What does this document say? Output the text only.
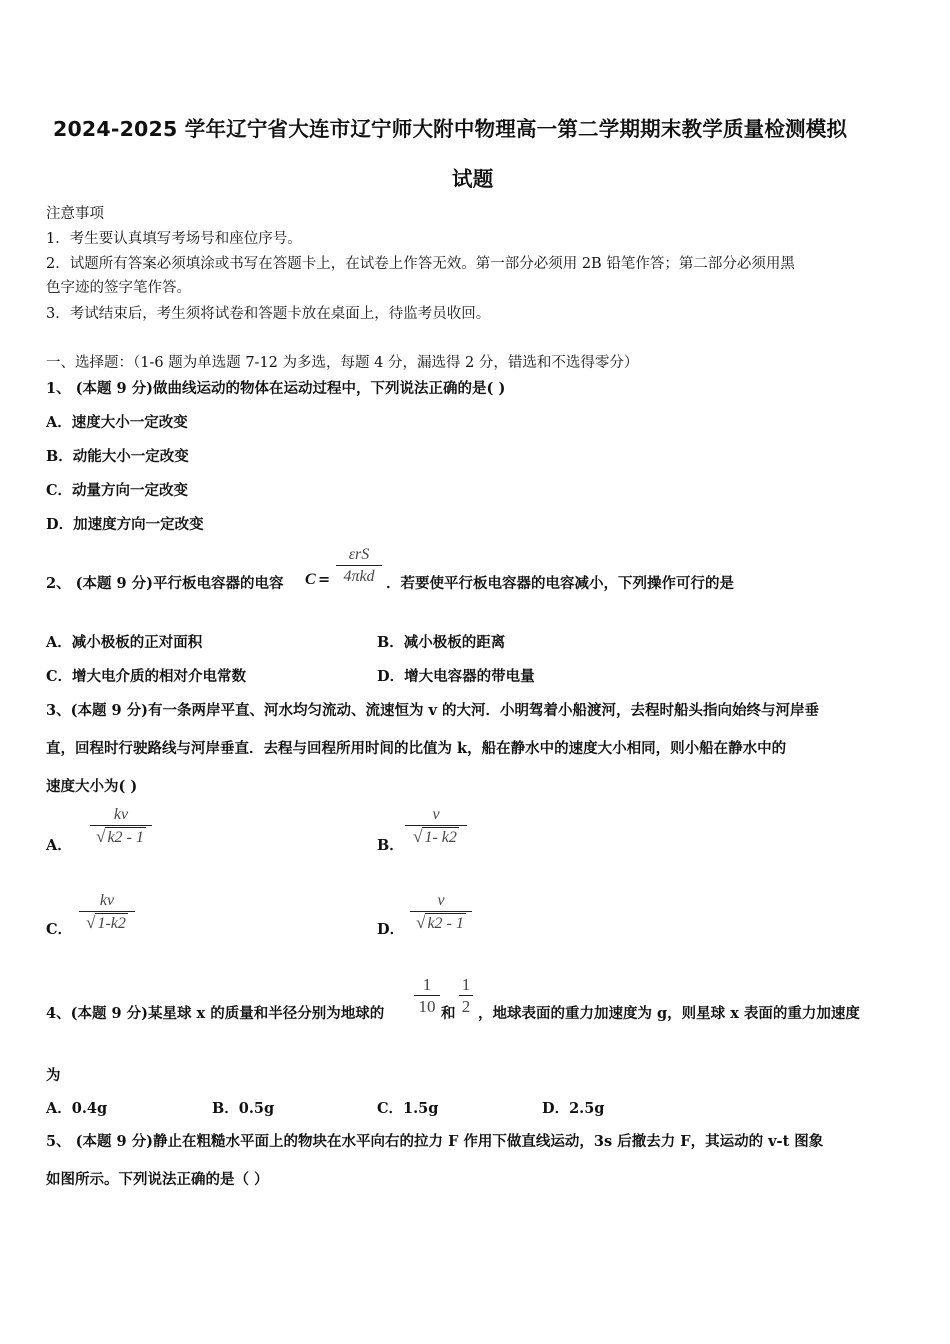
2024-2025 学年辽宁省大连市辽宁师大附中物理高一第二学期期末教学质量检测模拟
试题
注意事项
1．考生要认真填写考场号和座位序号。
2．试题所有答案必须填涂或书写在答题卡上，在试卷上作答无效。第一部分必须用 2B 铅笔作答；第二部分必须用黑
色字迹的签字笔作答。
3．考试结束后，考生须将试卷和答题卡放在桌面上，待监考员收回。
一、选择题：（1-6 题为单选题 7-12 为多选，每题 4 分，漏选得 2 分，错选和不选得零分）
1、 (本题 9 分)做曲线运动的物体在运动过程中，下列说法正确的是( )
A．速度大小一定改变
B．动能大小一定改变
C．动量方向一定改变
D．加速度方向一定改变
2、 (本题 9 分)平行板电容器的电容 C =
εrS
4πkd ．若要使平行板电容器的电容减小，下列操作可行的是
A．减小极板的正对面积	B．减小极板的距离
C．增大电介质的相对介电常数	D．增大电容器的带电量
3、(本题 9 分)有一条两岸平直、河水均匀流动、流速恒为 v 的大河．小明驾着小船渡河，去程时船头指向始终与河岸垂
直，回程时行驶路线与河岸垂直．去程与回程所用时间的比值为 k，船在静水中的速度大小相同，则小船在静水中的
速度大小为( )
A．
kv
√ k2 - 1	B．
v
√ 1- k2
C．
kv
√ 1-k2	D．
v
√ k2 - 1
4、(本题 9 分)某星球 x 的质量和半径分别为地球的
1
10 和
1
2 ，地球表面的重力加速度为 g，则星球 x 表面的重力加速度
为
A．0.4g	B．0.5g	C．1.5g	D．2.5g
5、 (本题 9 分)静止在粗糙水平面上的物块在水平向右的拉力 F 作用下做直线运动，3s 后撤去力 F，其运动的 v-t 图象
如图所示。下列说法正确的是（ ）
